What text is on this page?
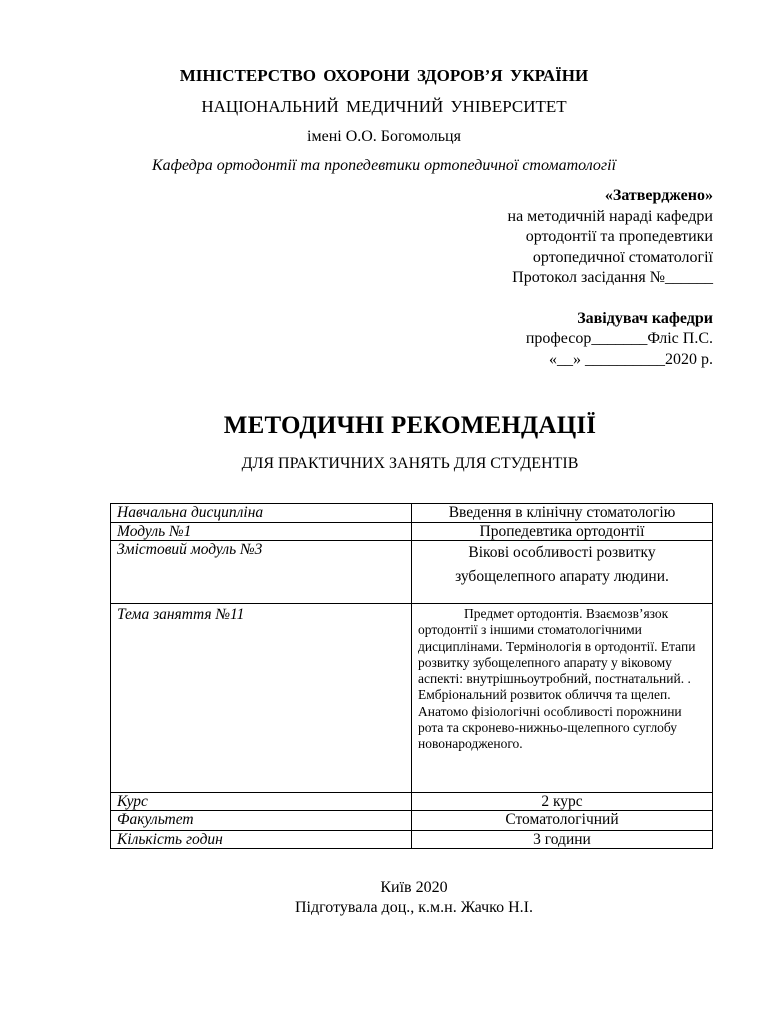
МІНІСТЕРСТВО ОХОРОНИ ЗДОРОВ’Я УКРАЇНИ
НАЦІОНАЛЬНИЙ МЕДИЧНИЙ УНІВЕРСИТЕТ
імені О.О. Богомольця
Кафедра ортодонтії та пропедевтики ортопедичної стоматології
«Затверджено»
на методичній нараді кафедри
ортодонтії та пропедевтики
ортопедичної стоматології
Протокол засідання №______
Завідувач кафедри
професор_______Фліс П.С.
«__» __________2020 р.
МЕТОДИЧНІ РЕКОМЕНДАЦІЇ
ДЛЯ ПРАКТИЧНИХ ЗАНЯТЬ ДЛЯ СТУДЕНТІВ
Навчальна дисципліна	Введення в клінічну стоматологію
Модуль №1	Пропедевтика ортодонтії
Змістовий модуль №3	Вікові особливості розвитку
зубощелепного апарату людини.

Тема заняття №11	Предмет ортодонтія. Взаємозв’язок ортодонтії з іншими стоматологічними дисциплінами. Термінологія в ортодонтії. Етапи розвитку зубощелепного апарату у віковому аспекті: внутрішньоутробний, постнатальний. . Ембріональний розвиток обличчя та щелеп. Анатомо фізіологічні особливості порожнини рота та скронево-нижньо-щелепного суглобу новонародженого.
Курс	2 курс
Факультет	Стоматологічний
Кількість годин	3 години
Київ 2020
Підготувала доц., к.м.н. Жачко Н.І.
